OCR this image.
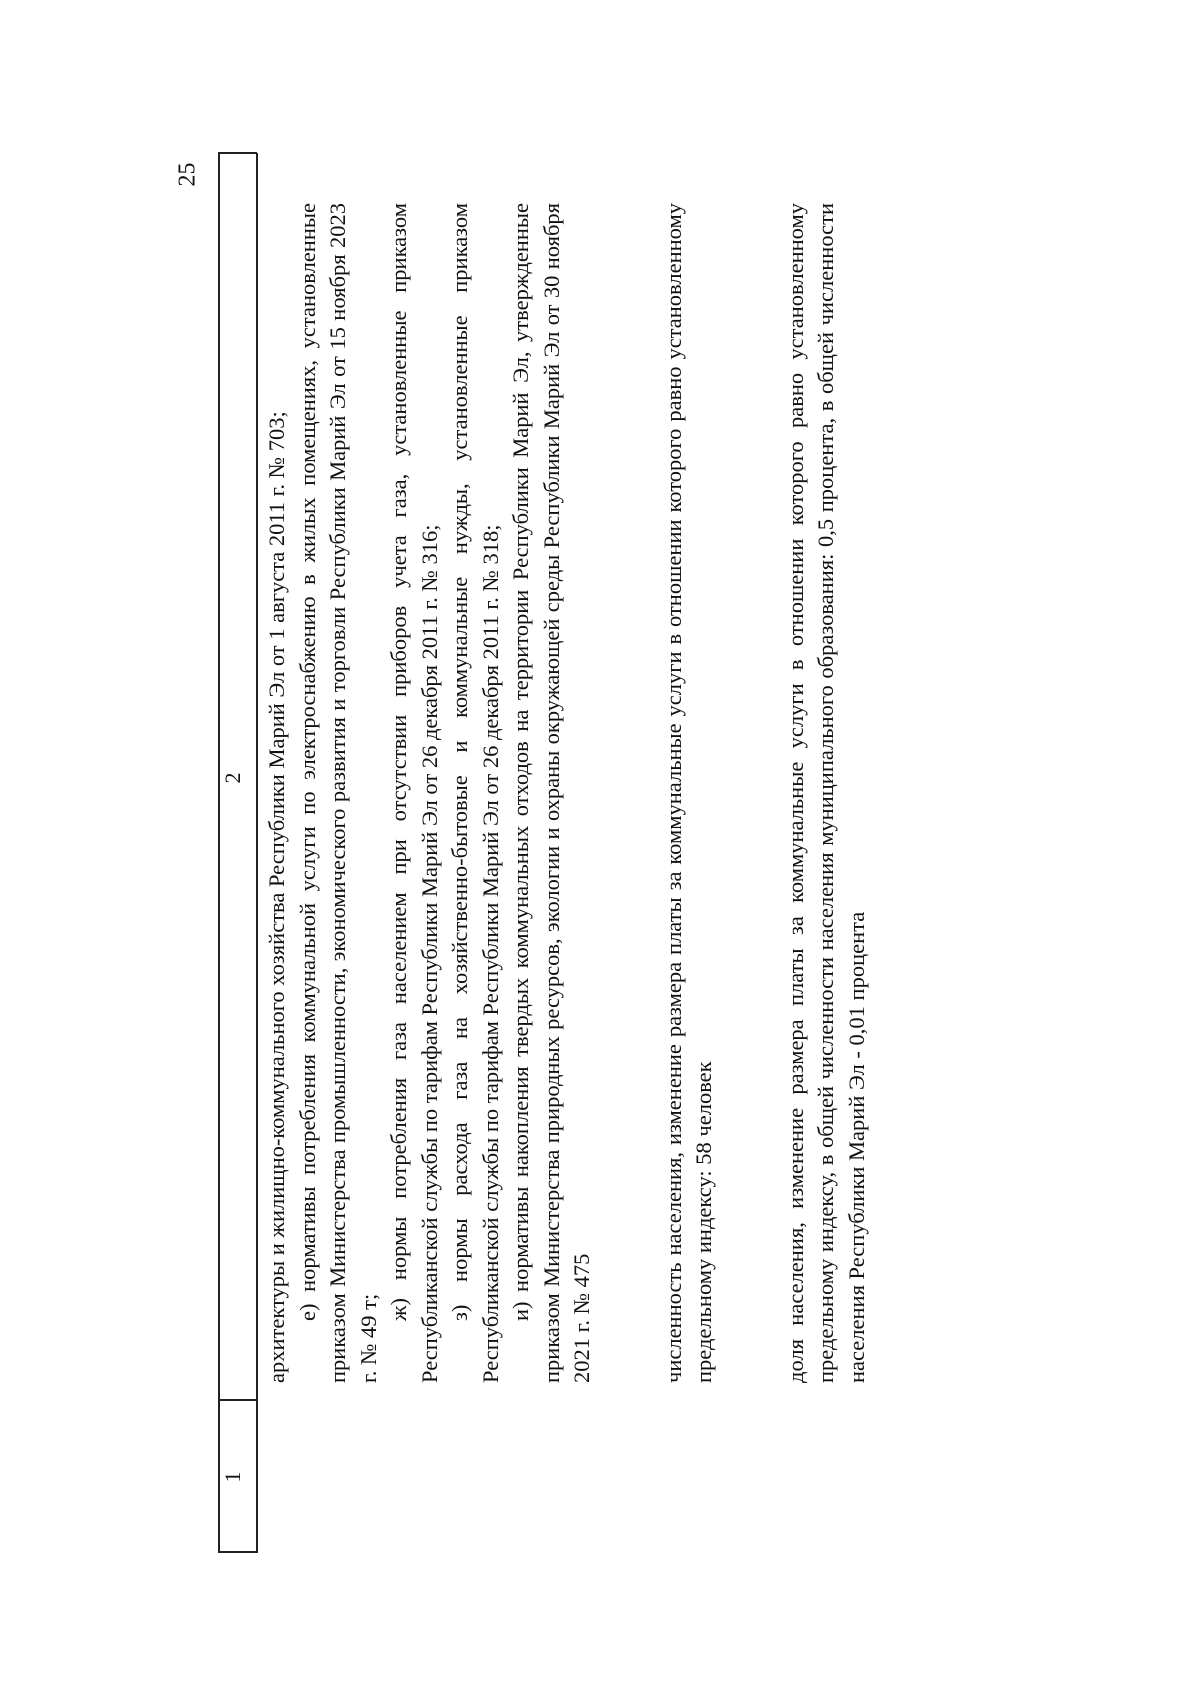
25
1
2 архитектуры и жилищно-коммунального хозяйства Республики Марий Эл от 1 августа 2011 г. № 703; е) нормативы потребления коммунальной услуги по электроснабжению в жилых помещениях, установленные приказом Министерства промышленности, экономического развития и торговли Республики Марий Эл от 15 ноября 2023 г. № 49 т;

ж) нормы потребления газа населением при отсутствии приборов учета газа, установленные приказом Республиканской службы по тарифам Республики Марий Эл от 26 декабря 2011 г. № 316; з) нормы расхода газа на хозяйственно-бытовые и коммунальные нужды, установленные приказом Республиканской службы по тарифам Республики Марий Эл от 26 декабря 2011 г. № 318; и) нормативы накопления твердых коммунальных отходов на территории Республики Марий Эл, утвержденные приказом Министерства природных ресурсов, экологии и охраны окружающей среды Республики Марий Эл от 30 ноября 2021 г. № 475	численность населения, изменение размера платы за коммунальные услуги в отношении которого равно установленному предельному индексу: 58 человек	доля населения, изменение размера платы за коммунальные услуги в отношении которого равно установленному предельному индексу, в общей численности населения муниципального образования: 0,5 процента, в общей численности населения Республики Марий Эл - 0,01 процента
